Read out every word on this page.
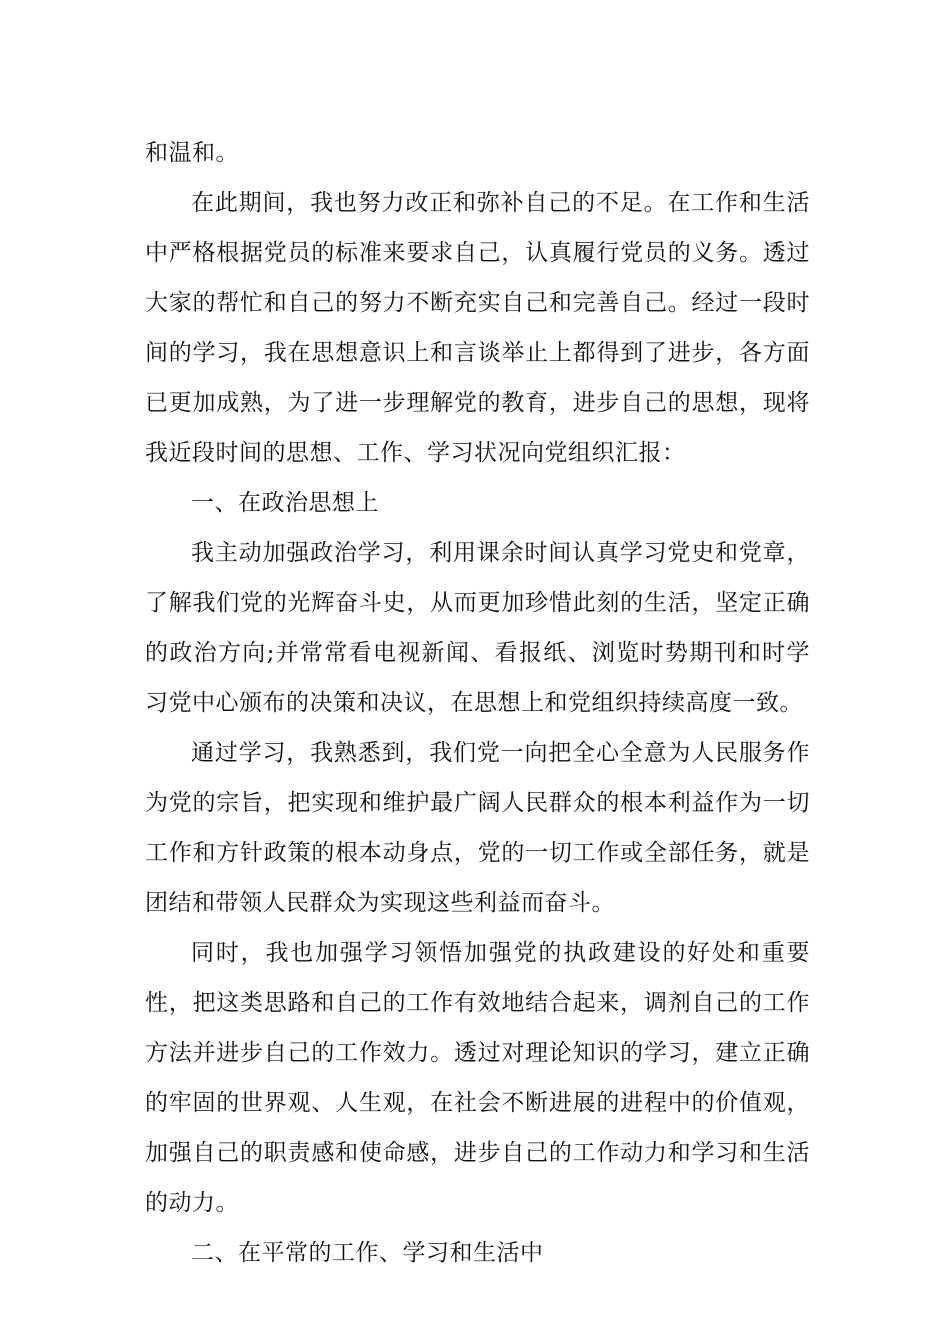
和温和。

在此期间，我也努力改正和弥补自己的不足。在工作和生活中严格根据党员的标准来要求自己，认真履行党员的义务。透过大家的帮忙和自己的努力不断充实自己和完善自己。经过一段时间的学习，我在思想意识上和言谈举止上都得到了进步，各方面已更加成熟，为了进一步理解党的教育，进步自己的思想，现将我近段时间的思想、工作、学习状况向党组织汇报：

一、在政治思想上

我主动加强政治学习，利用课余时间认真学习党史和党章，了解我们党的光辉奋斗史，从而更加珍惜此刻的生活，坚定正确的政治方向;并常常看电视新闻、看报纸、浏览时势期刊和时学习党中心颁布的决策和决议，在思想上和党组织持续高度一致。

通过学习，我熟悉到，我们党一向把全心全意为人民服务作为党的宗旨，把实现和维护最广阔人民群众的根本利益作为一切工作和方针政策的根本动身点，党的一切工作或全部任务，就是团结和带领人民群众为实现这些利益而奋斗。

同时，我也加强学习领悟加强党的执政建设的好处和重要性，把这类思路和自己的工作有效地结合起来，调剂自己的工作方法并进步自己的工作效力。透过对理论知识的学习，建立正确的牢固的世界观、人生观，在社会不断进展的进程中的价值观，加强自己的职责感和使命感，进步自己的工作动力和学习和生活的动力。

二、在平常的工作、学习和生活中
